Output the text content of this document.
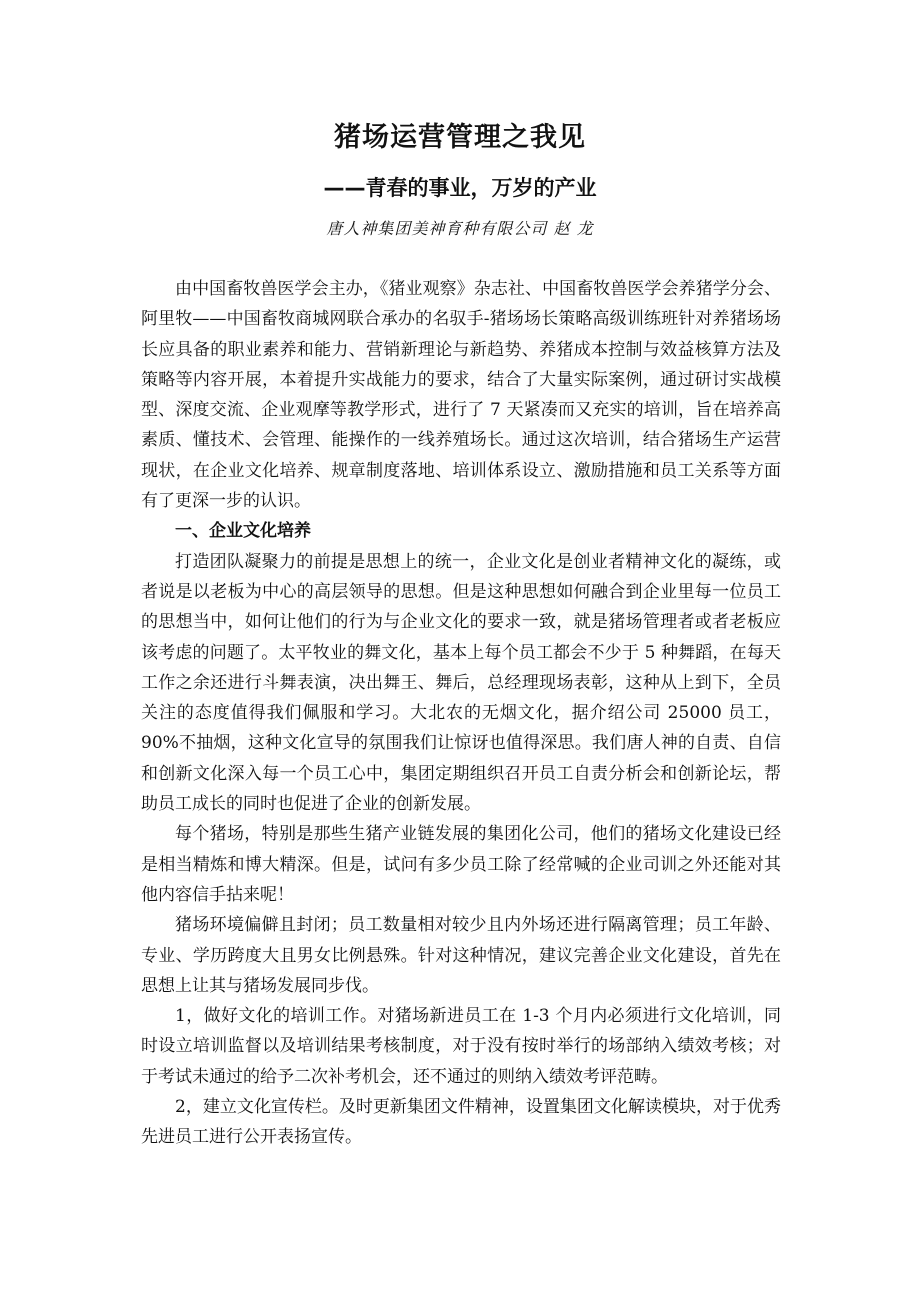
猪场运营管理之我见
——青春的事业，万岁的产业
唐人神集团美神育种有限公司 赵 龙

由中国畜牧兽医学会主办，《猪业观察》杂志社、中国畜牧兽医学会养猪学分会、阿里牧——中国畜牧商城网联合承办的名驭手-猪场场长策略高级训练班针对养猪场场长应具备的职业素养和能力、营销新理论与新趋势、养猪成本控制与效益核算方法及策略等内容开展，本着提升实战能力的要求，结合了大量实际案例，通过研讨实战模型、深度交流、企业观摩等教学形式，进行了 7 天紧凑而又充实的培训，旨在培养高素质、懂技术、会管理、能操作的一线养殖场长。通过这次培训，结合猪场生产运营现状，在企业文化培养、规章制度落地、培训体系设立、激励措施和员工关系等方面有了更深一步的认识。

一、企业文化培养

打造团队凝聚力的前提是思想上的统一，企业文化是创业者精神文化的凝练，或者说是以老板为中心的高层领导的思想。但是这种思想如何融合到企业里每一位员工的思想当中，如何让他们的行为与企业文化的要求一致，就是猪场管理者或者老板应该考虑的问题了。太平牧业的舞文化，基本上每个员工都会不少于 5 种舞蹈，在每天工作之余还进行斗舞表演，决出舞王、舞后，总经理现场表彰，这种从上到下，全员关注的态度值得我们佩服和学习。大北农的无烟文化，据介绍公司 25000 员工，90%不抽烟，这种文化宣导的氛围我们让惊讶也值得深思。我们唐人神的自责、自信和创新文化深入每一个员工心中，集团定期组织召开员工自责分析会和创新论坛，帮助员工成长的同时也促进了企业的创新发展。

每个猪场，特别是那些生猪产业链发展的集团化公司，他们的猪场文化建设已经是相当精炼和博大精深。但是，试问有多少员工除了经常喊的企业司训之外还能对其他内容信手拈来呢！

猪场环境偏僻且封闭；员工数量相对较少且内外场还进行隔离管理；员工年龄、专业、学历跨度大且男女比例悬殊。针对这种情况，建议完善企业文化建设，首先在思想上让其与猪场发展同步伐。

1，做好文化的培训工作。对猪场新进员工在 1-3 个月内必须进行文化培训，同时设立培训监督以及培训结果考核制度，对于没有按时举行的场部纳入绩效考核；对于考试未通过的给予二次补考机会，还不通过的则纳入绩效考评范畴。

2，建立文化宣传栏。及时更新集团文件精神，设置集团文化解读模块，对于优秀先进员工进行公开表扬宣传。
